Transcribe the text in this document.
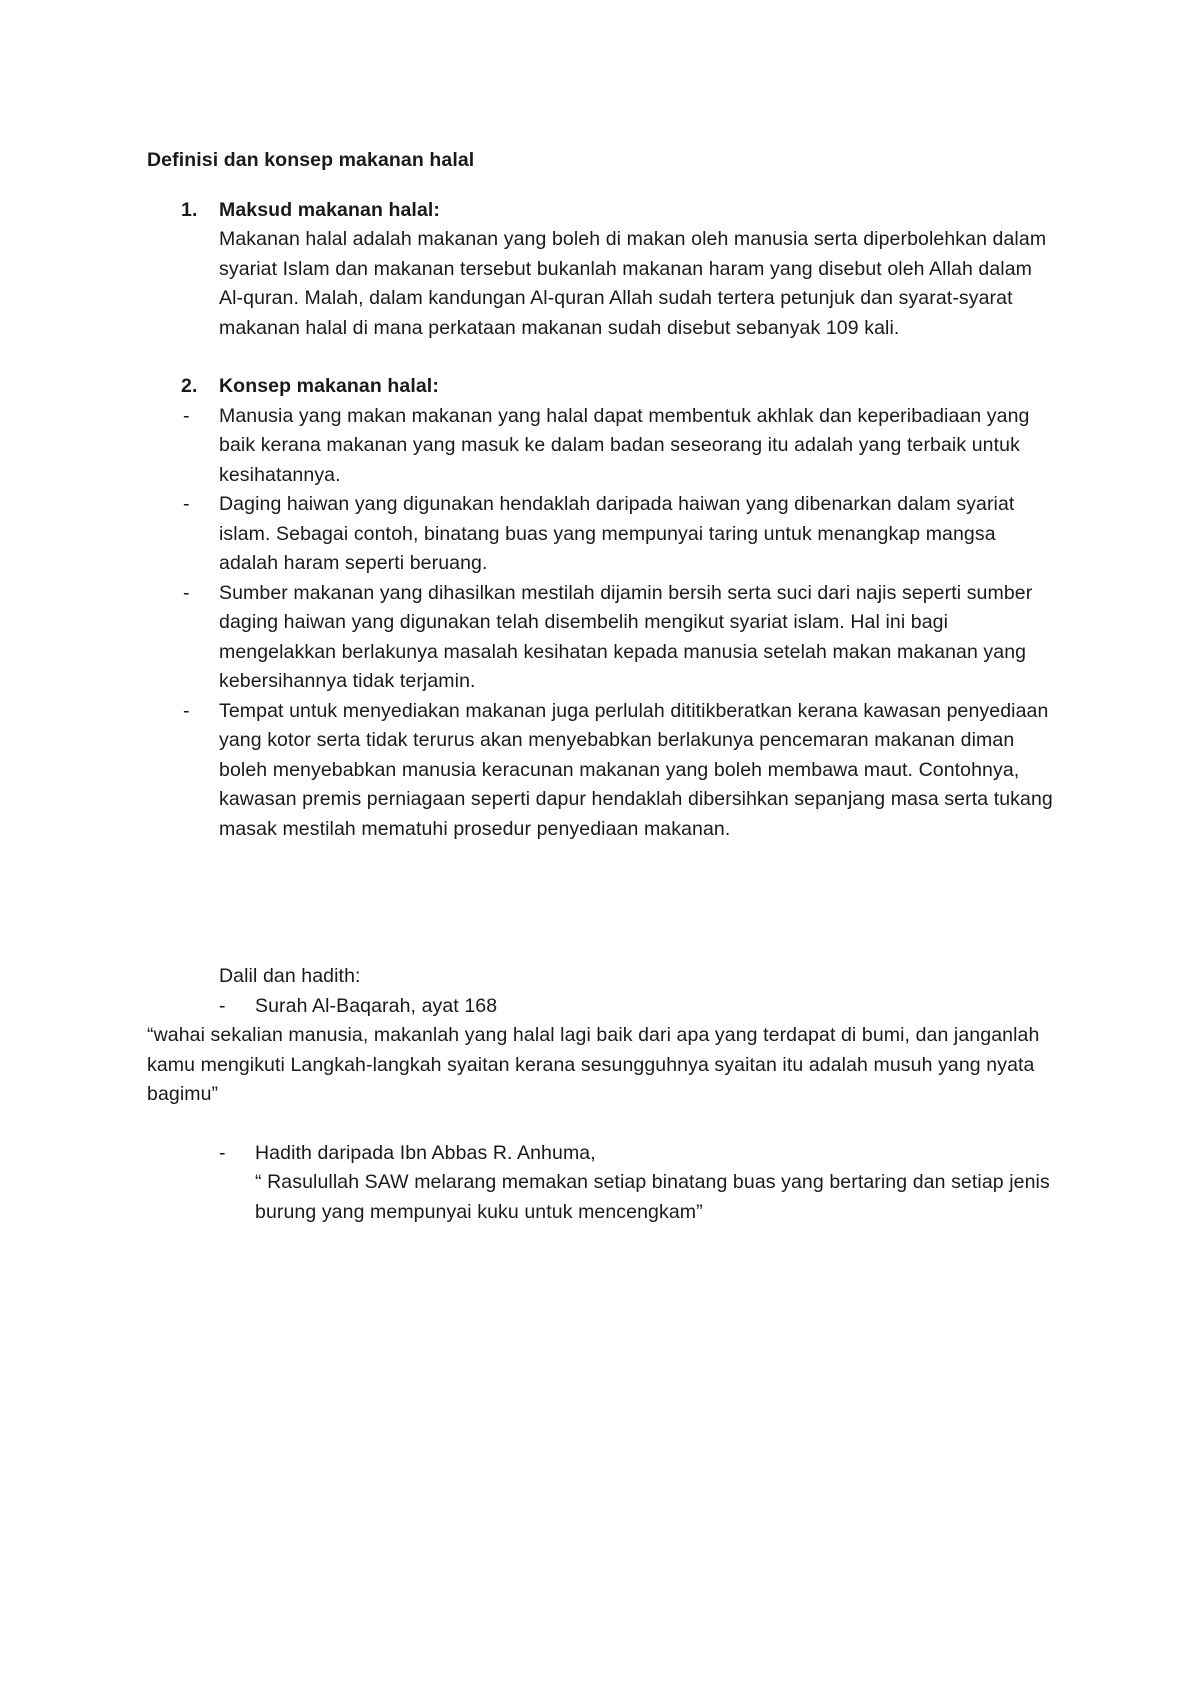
Definisi dan konsep makanan halal
1. Maksud makanan halal:

Makanan halal adalah makanan yang boleh di makan oleh manusia serta diperbolehkan dalam syariat Islam dan makanan tersebut bukanlah makanan haram yang disebut oleh Allah dalam Al-quran. Malah, dalam kandungan Al-quran Allah sudah tertera petunjuk dan syarat-syarat makanan halal di mana perkataan makanan sudah disebut sebanyak 109 kali.

2. Konsep makanan halal:
- Manusia yang makan makanan yang halal dapat membentuk akhlak dan keperibadiaan yang baik kerana makanan yang masuk ke dalam badan seseorang itu adalah yang terbaik untuk kesihatannya.
- Daging haiwan yang digunakan hendaklah daripada haiwan yang dibenarkan dalam syariat islam. Sebagai contoh, binatang buas yang mempunyai taring untuk menangkap mangsa adalah haram seperti beruang.
- Sumber makanan yang dihasilkan mestilah dijamin bersih serta suci dari najis seperti sumber daging haiwan yang digunakan telah disembelih mengikut syariat islam. Hal ini bagi mengelakkan berlakunya masalah kesihatan kepada manusia setelah makan makanan yang kebersihannya tidak terjamin.
- Tempat untuk menyediakan makanan juga perlulah dititikberatkan kerana kawasan penyediaan yang kotor serta tidak terurus akan menyebabkan berlakunya pencemaran makanan diman boleh menyebabkan manusia keracunan makanan yang boleh membawa maut. Contohnya, kawasan premis perniagaan seperti dapur hendaklah dibersihkan sepanjang masa serta tukang masak mestilah mematuhi prosedur penyediaan makanan.
Dalil dan hadith:
- Surah Al-Baqarah, ayat 168
“wahai sekalian manusia, makanlah yang halal lagi baik dari apa yang terdapat di bumi, dan janganlah kamu mengikuti Langkah-langkah syaitan kerana sesungguhnya syaitan itu adalah musuh yang nyata bagimu”
- Hadith daripada Ibn Abbas R. Anhuma,
“ Rasulullah SAW melarang memakan setiap binatang buas yang bertaring dan setiap jenis burung yang mempunyai kuku untuk mencengkam”
